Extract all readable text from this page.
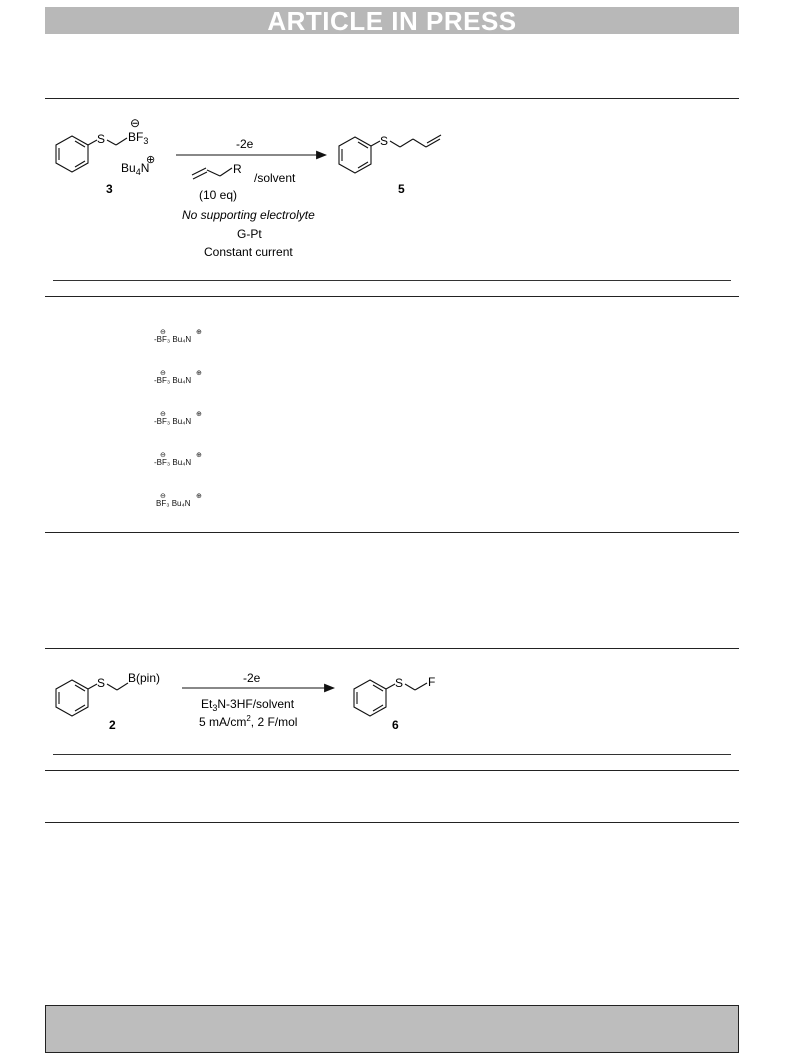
ARTICLE IN PRESS
S
⊖
$BF_3$
$Bu_4N$
⊕
3
-2e
R
/solvent
(10 eq)
No supporting electrolyte
G-Pt
Constant current
S
5
-BF₃ Bu₄N
-BF₃ Bu₄N
-BF₃ Bu₄N
-BF₃ Bu₄N
BF₃ Bu₄N
⊖	⊕
⊖	⊕
⊖	⊕
⊖	⊕
⊖	⊕
S B(pin)
2
-2e
$Et_3N-3HF$/solvent
5 $mA/cm^2$, 2 F/mol
S F
6
